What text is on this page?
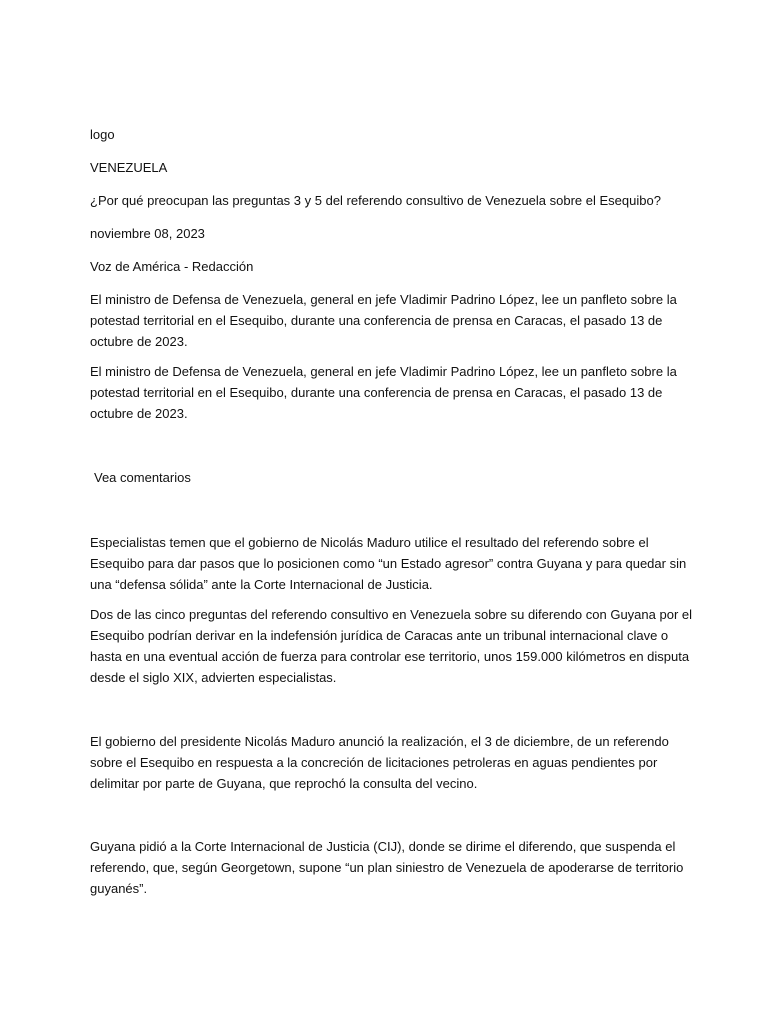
logo

VENEZUELA

¿Por qué preocupan las preguntas 3 y 5 del referendo consultivo de Venezuela sobre el Esequibo?

noviembre 08, 2023

Voz de América - Redacción

El ministro de Defensa de Venezuela, general en jefe Vladimir Padrino López, lee un panfleto sobre la
potestad territorial en el Esequibo, durante una conferencia de prensa en Caracas, el pasado 13 de
octubre de 2023.
El ministro de Defensa de Venezuela, general en jefe Vladimir Padrino López, lee un panfleto sobre la
potestad territorial en el Esequibo, durante una conferencia de prensa en Caracas, el pasado 13 de
octubre de 2023.

Vea comentarios

Especialistas temen que el gobierno de Nicolás Maduro utilice el resultado del referendo sobre el
Esequibo para dar pasos que lo posicionen como “un Estado agresor” contra Guyana y para quedar sin
una “defensa sólida” ante la Corte Internacional de Justicia.
Dos de las cinco preguntas del referendo consultivo en Venezuela sobre su diferendo con Guyana por el
Esequibo podrían derivar en la indefensión jurídica de Caracas ante un tribunal internacional clave o
hasta en una eventual acción de fuerza para controlar ese territorio, unos 159.000 kilómetros en disputa
desde el siglo XIX, advierten especialistas.
El gobierno del presidente Nicolás Maduro anunció la realización, el 3 de diciembre, de un referendo
sobre el Esequibo en respuesta a la concreción de licitaciones petroleras en aguas pendientes por
delimitar por parte de Guyana, que reprochó la consulta del vecino.
Guyana pidió a la Corte Internacional de Justicia (CIJ), donde se dirime el diferendo, que suspenda el
referendo, que, según Georgetown, supone “un plan siniestro de Venezuela de apoderarse de territorio
guyanés”.
